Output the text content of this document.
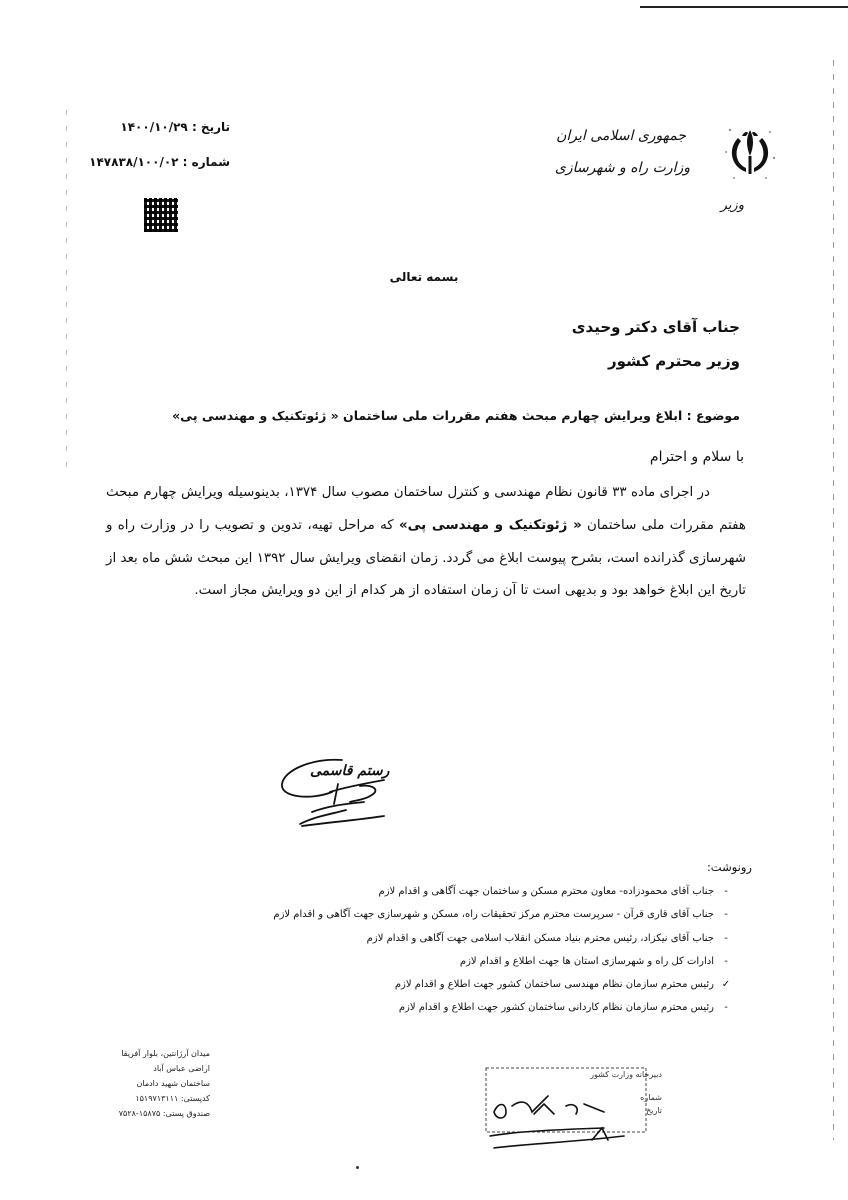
جمهوری اسلامی ایران
وزارت راه و شهرسازی
وزیر
تاریخ : ۱۴۰۰/۱۰/۲۹
شماره : ۱۴۷۸۳۸/۱۰۰/۰۲
بسمه تعالی
جناب آقای دکتر وحیدی
وزیر محترم کشور
موضوع : ابلاغ ویرایش چهارم مبحث هفتم مقررات ملی ساختمان « ژئوتکنیک و مهندسی پی»
با سلام و احترام
در اجرای ماده ۳۳ قانون نظام مهندسی و کنترل ساختمان مصوب سال ۱۳۷۴، بدینوسیله ویرایش چهارم مبحث هفتم مقررات ملی ساختمان « ژئوتکنیک و مهندسی پی» که مراحل تهیه، تدوین و تصویب را در وزارت راه و شهرسازی گذرانده است، بشرح پیوست ابلاغ می گردد. زمان انقضای ویرایش سال ۱۳۹۲ این مبحث شش ماه بعد از تاریخ این ابلاغ خواهد بود و بدیهی است تا آن زمان استفاده از هر کدام از این دو ویرایش مجاز است.
رستم قاسمی
رونوشت:
-جناب آقای محمودزاده- معاون محترم مسکن و ساختمان جهت آگاهی و اقدام لازم
-جناب آقای قاری قرآن - سرپرست محترم مرکز تحقیقات راه، مسکن و شهرسازی جهت آگاهی و اقدام لازم
-جناب آقای نیکزاد، رئیس محترم بنیاد مسکن انقلاب اسلامی جهت آگاهی و اقدام لازم
-ادارات کل راه و شهرسازی استان ها جهت اطلاع و اقدام لازم
✓رئیس محترم سازمان نظام مهندسی ساختمان کشور جهت اطلاع و اقدام لازم
-رئیس محترم سازمان نظام کاردانی ساختمان کشور جهت اطلاع و اقدام لازم
میدان آرژانتین، بلوار آفریقا
اراضی عباس آباد
ساختمان شهید دادمان
کدپستی: ۱۵۱۹۷۱۳۱۱۱
صندوق پستی: ۱۵۸۷۵-۷۵۲۸
دبیرخانه وزارت کشور
شماره
تاریخ
